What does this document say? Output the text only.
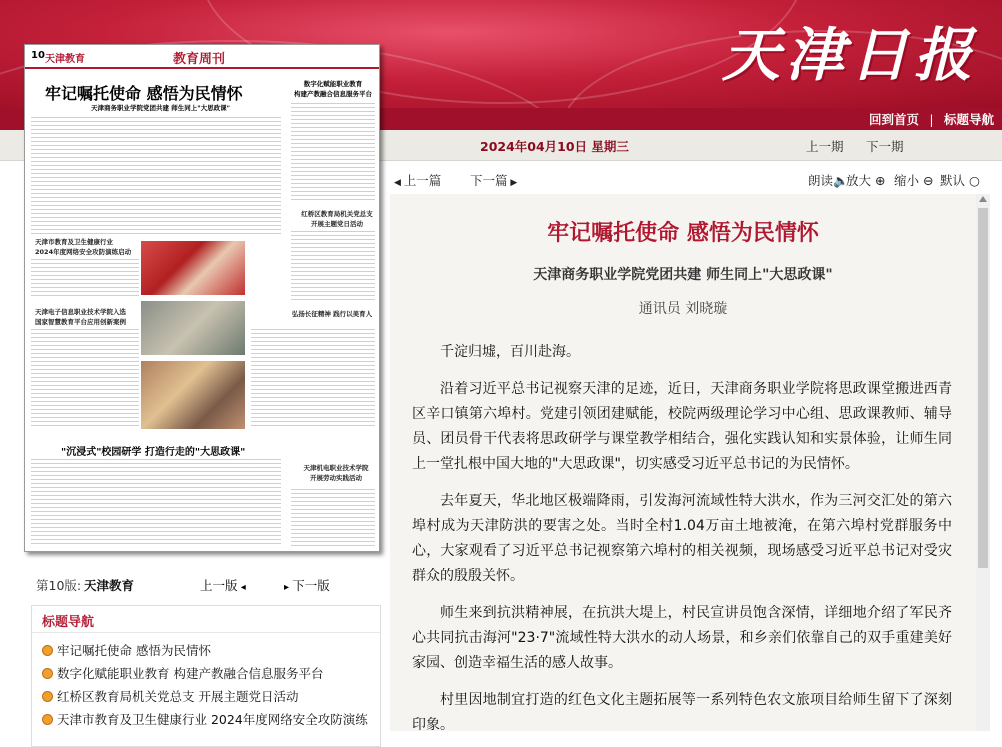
天津日报
回到首页 | 标题导航
2024年04月10日 星期三	上一期 下一期
10 天津教育	教育周刊
牢记嘱托使命 感悟为民情怀
天津商务职业学院党团共建 师生同上"大思政课"
数字化赋能职业教育
构建产教融合信息服务平台
红桥区教育局机关党总支
开展主题党日活动
天津市教育及卫生健康行业
2024年度网络安全攻防演练启动
天津电子信息职业技术学院入选
国家智慧教育平台应用创新案例
弘扬长征精神 践行以美育人
"沉浸式"校园研学 打造行走的"大思政课"
天津机电职业技术学院
开展劳动实践活动
第10版: 天津教育	上一版 ◂	▸ 下一版
标题导航
牢记嘱托使命 感悟为民情怀
数字化赋能职业教育 构建产教融合信息服务平台
红桥区教育局机关党总支 开展主题党日活动
天津市教育及卫生健康行业 2024年度网络安全攻防演练
◀ 上一篇 下一篇 ▶	朗读🔈
放大 ⊕ 缩小 ⊖ 默认 ○
牢记嘱托使命 感悟为民情怀
天津商务职业学院党团共建 师生同上"大思政课"
通讯员 刘晓璇

千淀归墟，百川赴海。

沿着习近平总书记视察天津的足迹，近日，天津商务职业学院将思政课堂搬进西青区辛口镇第六埠村。党建引领团建赋能，校院两级理论学习中心组、思政课教师、辅导员、团员骨干代表将思政研学与课堂教学相结合，强化实践认知和实景体验，让师生同上一堂扎根中国大地的"大思政课"，切实感受习近平总书记的为民情怀。

去年夏天，华北地区极端降雨，引发海河流域性特大洪水，作为三河交汇处的第六埠村成为天津防洪的要害之处。当时全村1.04万亩土地被淹，在第六埠村党群服务中心，大家观看了习近平总书记视察第六埠村的相关视频，现场感受习近平总书记对受灾群众的殷殷关怀。

师生来到抗洪精神展，在抗洪大堤上，村民宣讲员饱含深情，详细地介绍了军民齐心共同抗击海河"23·7"流域性特大洪水的动人场景，和乡亲们依靠自己的双手重建美好家园、创造幸福生活的感人故事。

村里因地制宜打造的红色文化主题拓展等一系列特色农文旅项目给师生留下了深刻印象。
